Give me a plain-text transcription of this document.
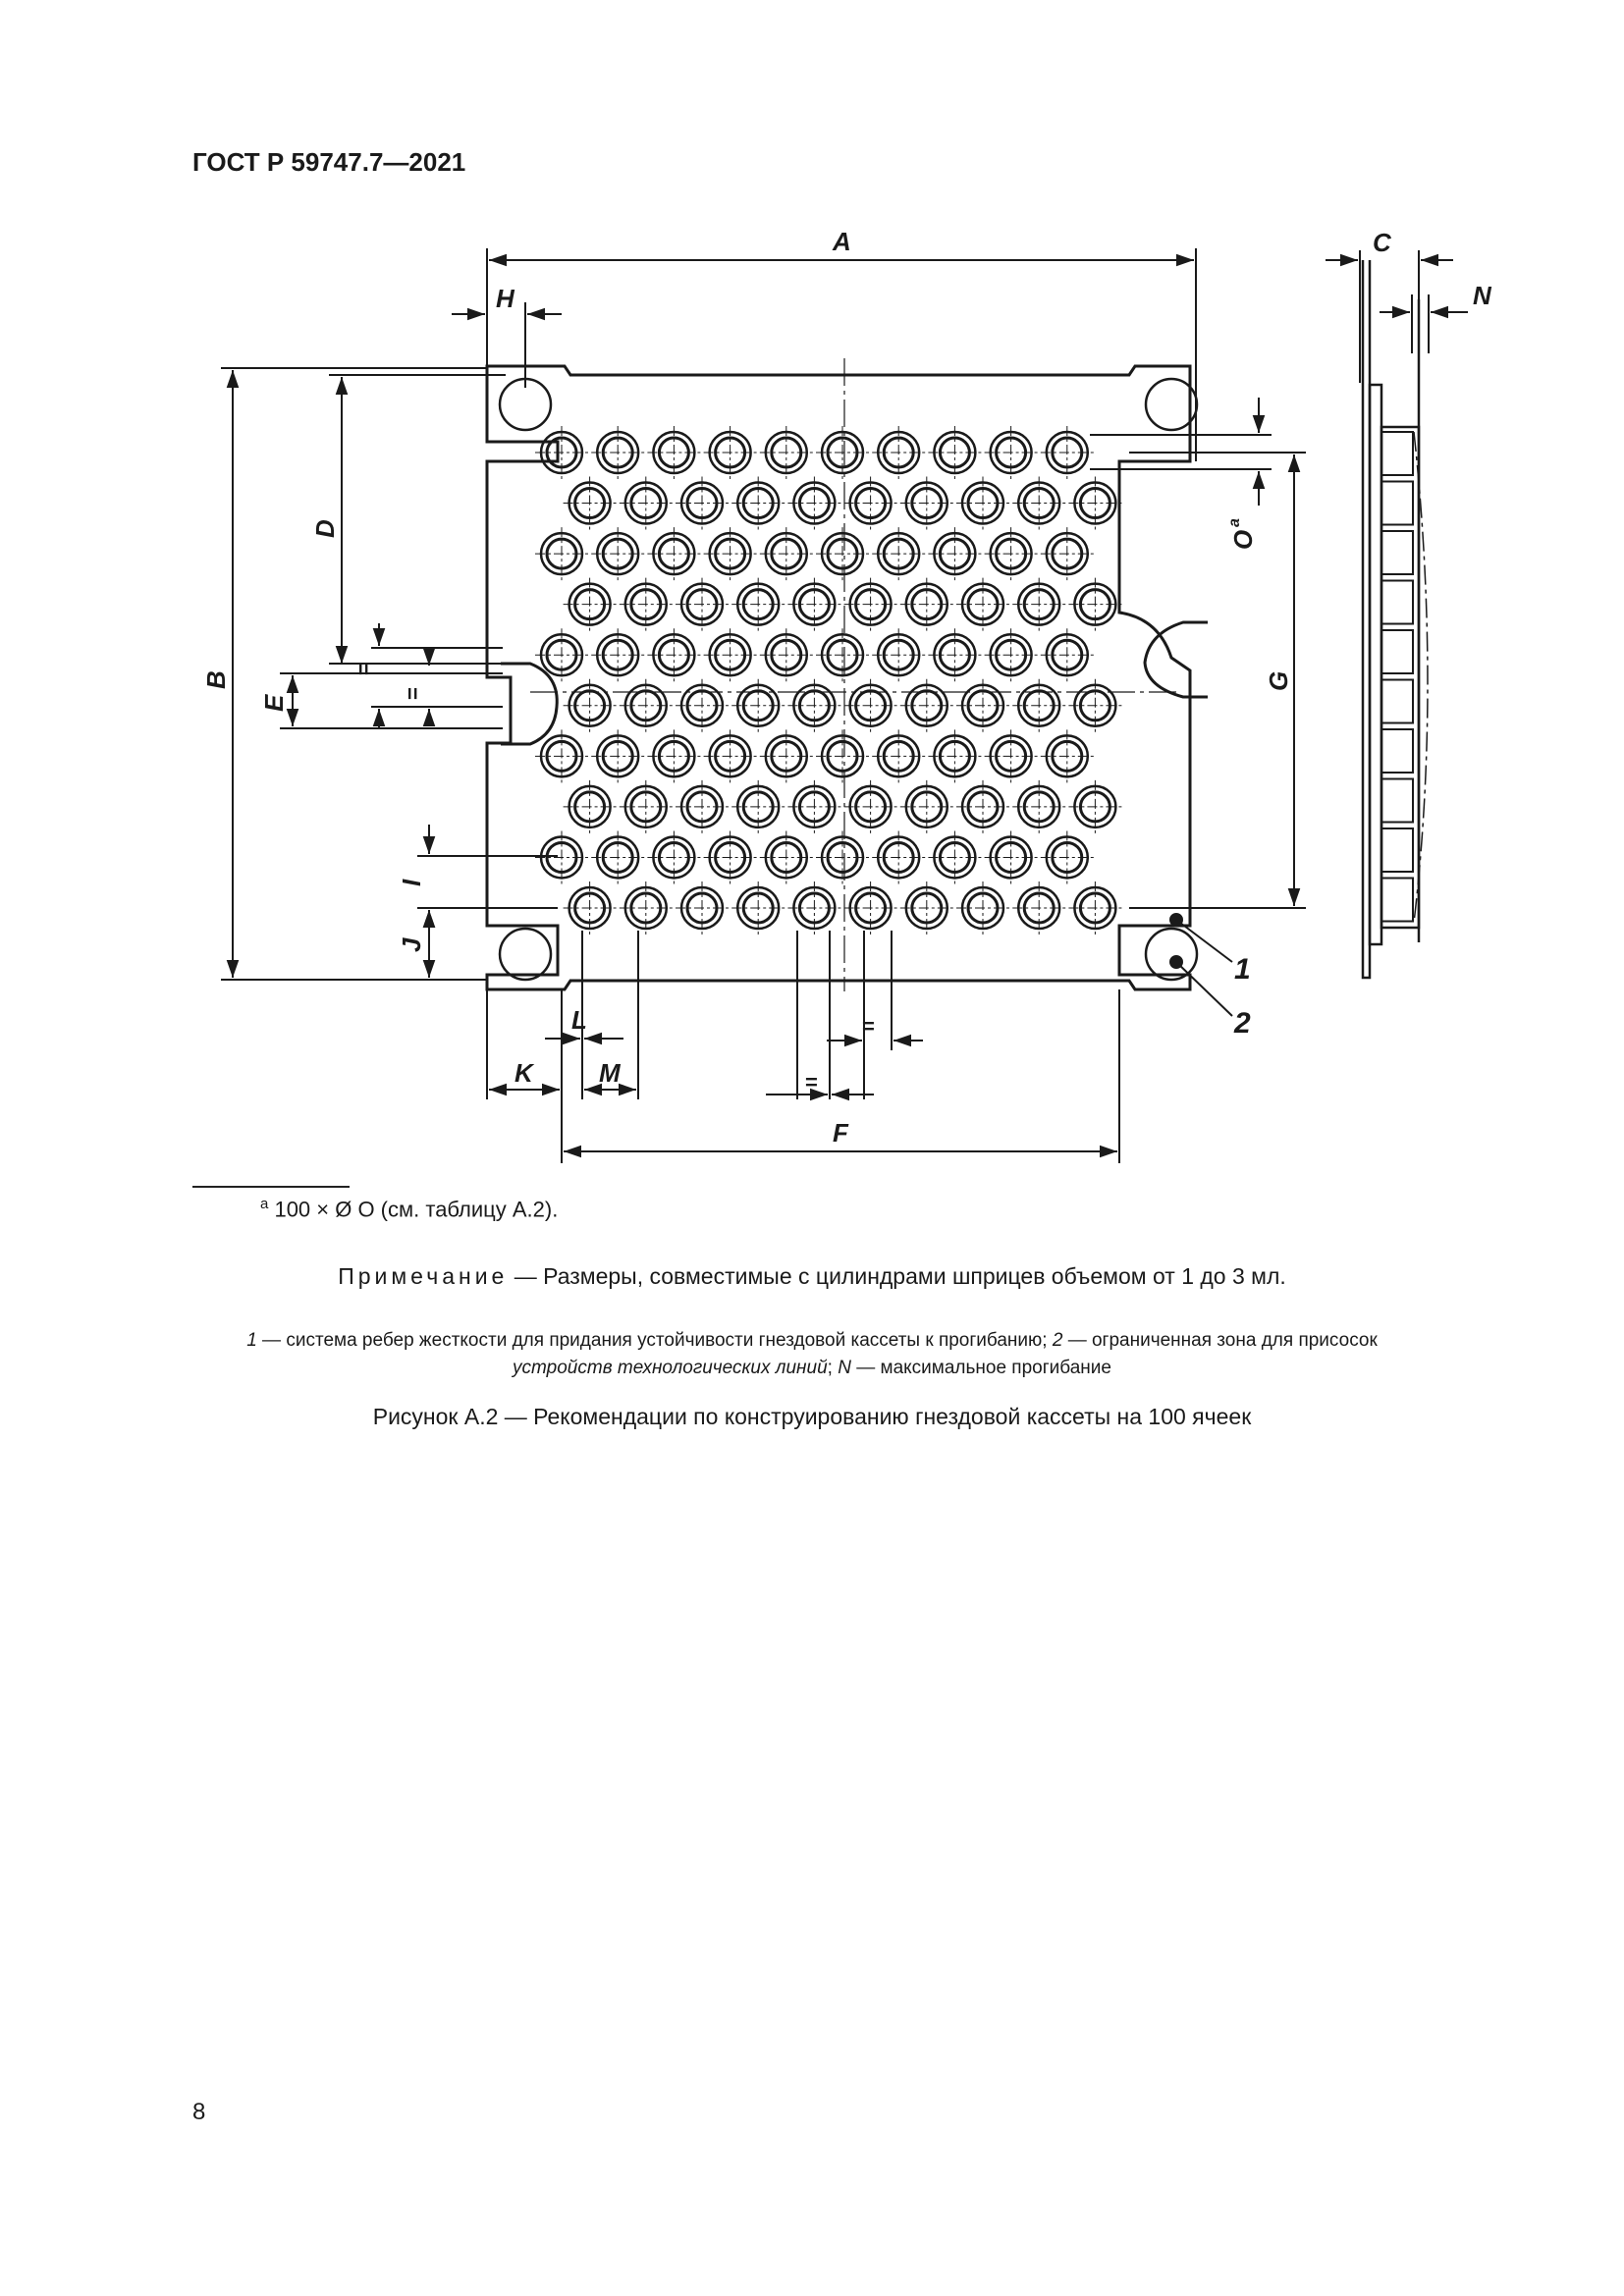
ГОСТ Р 59747.7—2021
A
H
C
N
B
D
E
G
I
J
L
K	M
F
O
a
1
2
=
=
=
=
$^a$ 100 × Ø O (см. таблицу А.2).
Примечание — Размеры, совместимые с цилиндрами шприцев объемом от 1 до 3 мл.
1 — система ребер жесткости для придания устойчивости гнездовой кассеты к прогибанию; 2 — ограниченная зона для присосок
устройств технологических линий; N — максимальное прогибание
Рисунок А.2 — Рекомендации по конструированию гнездовой кассеты на 100 ячеек
8
